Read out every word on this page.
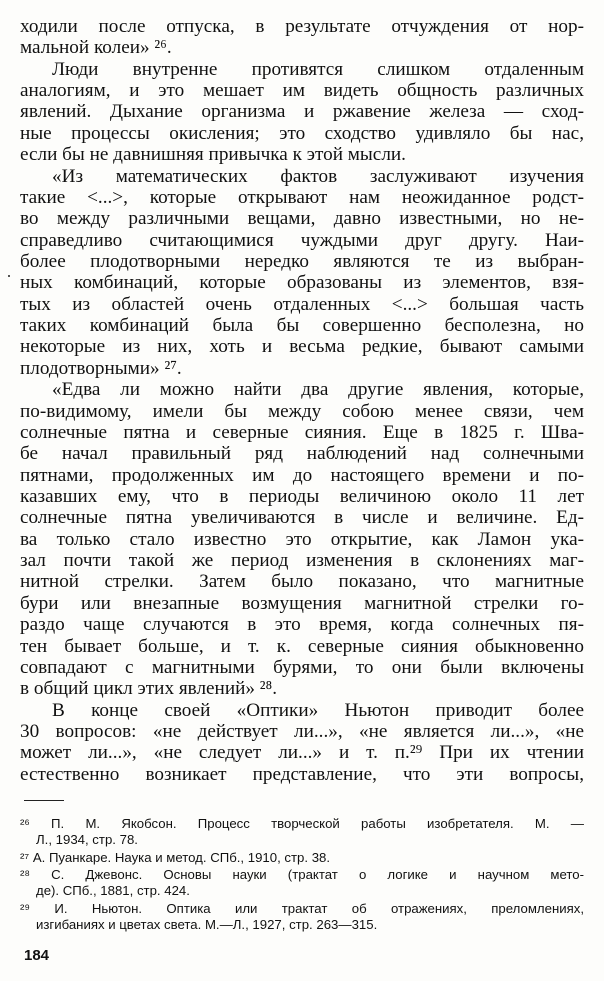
ходили после отпуска, в результате отчуждения от нор-
мальной колеи» ²⁶.
Люди внутренне противятся слишком отдаленным
аналогиям, и это мешает им видеть общность различных
явлений. Дыхание организма и ржавение железа — сход-
ные процессы окисления; это сходство удивляло бы нас,
если бы не давнишняя привычка к этой мысли.
«Из математических фактов заслуживают изучения
такие <...>, которые открывают нам неожиданное родст-
во между различными вещами, давно известными, но не-
справедливо считающимися чуждыми друг другу. Наи-
более плодотворными нередко являются те из выбран-
ных комбинаций, которые образованы из элементов, взя-
тых из областей очень отдаленных <...> большая часть
таких комбинаций была бы совершенно бесполезна, но
некоторые из них, хоть и весьма редкие, бывают самыми
плодотворными» ²⁷.
«Едва ли можно найти два другие явления, которые,
по-видимому, имели бы между собою менее связи, чем
солнечные пятна и северные сияния. Еще в 1825 г. Шва-
бе начал правильный ряд наблюдений над солнечными
пятнами, продолженных им до настоящего времени и по-
казавших ему, что в периоды величиною около 11 лет
солнечные пятна увеличиваются в числе и величине. Ед-
ва только стало известно это открытие, как Ламон ука-
зал почти такой же период изменения в склонениях маг-
нитной стрелки. Затем было показано, что магнитные
бури или внезапные возмущения магнитной стрелки го-
раздо чаще случаются в это время, когда солнечных пя-
тен бывает больше, и т. к. северные сияния обыкновенно
совпадают с магнитными бурями, то они были включены
в общий цикл этих явлений» ²⁸.
В конце своей «Оптики» Ньютон приводит более
30 вопросов: «не действует ли...», «не является ли...», «не
может ли...», «не следует ли...» и т. п.²⁹ При их чтении
естественно возникает представление, что эти вопросы,
²⁶ П. М. Якобсон. Процесс творческой работы изобретателя. М. —
Л., 1934, стр. 78.
²⁷ А. Пуанкаре. Наука и метод. СПб., 1910, стр. 38.
²⁸ С. Джевонс. Основы науки (трактат о логике и научном мето-
де). СПб., 1881, стр. 424.
²⁹ И. Ньютон. Оптика или трактат об отражениях, преломлениях,
изгибаниях и цветах света. М.—Л., 1927, стр. 263—315.
184
